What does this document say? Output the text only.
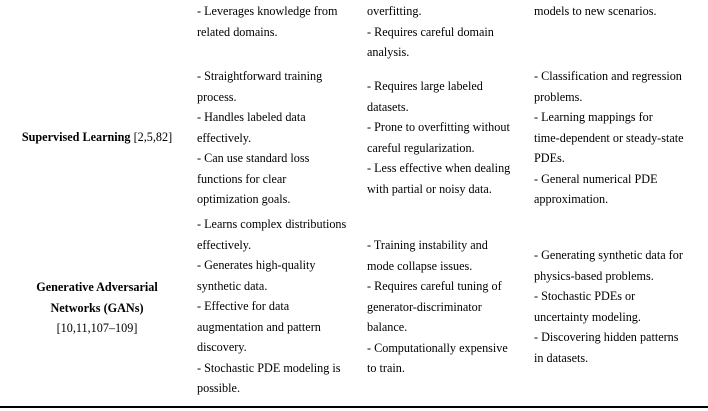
- Leverages knowledge from
related domains.
overfitting.
- Requires careful domain
analysis.
models to new scenarios.
Supervised Learning [2,5,82]
- Straightforward training
process.
- Handles labeled data
effectively.
- Can use standard loss
functions for clear
optimization goals.
- Requires large labeled
datasets.
- Prone to overfitting without
careful regularization.
- Less effective when dealing
with partial or noisy data.
- Classification and regression
problems.
- Learning mappings for
time-dependent or steady-state
PDEs.
- General numerical PDE
approximation.
Generative Adversarial
Networks (GANs)
[10,11,107–109]
- Learns complex distributions
effectively.
- Generates high-quality
synthetic data.
- Effective for data
augmentation and pattern
discovery.
- Stochastic PDE modeling is
possible.
- Training instability and
mode collapse issues.
- Requires careful tuning of
generator-discriminator
balance.
- Computationally expensive
to train.
- Generating synthetic data for
physics-based problems.
- Stochastic PDEs or
uncertainty modeling.
- Discovering hidden patterns
in datasets.
